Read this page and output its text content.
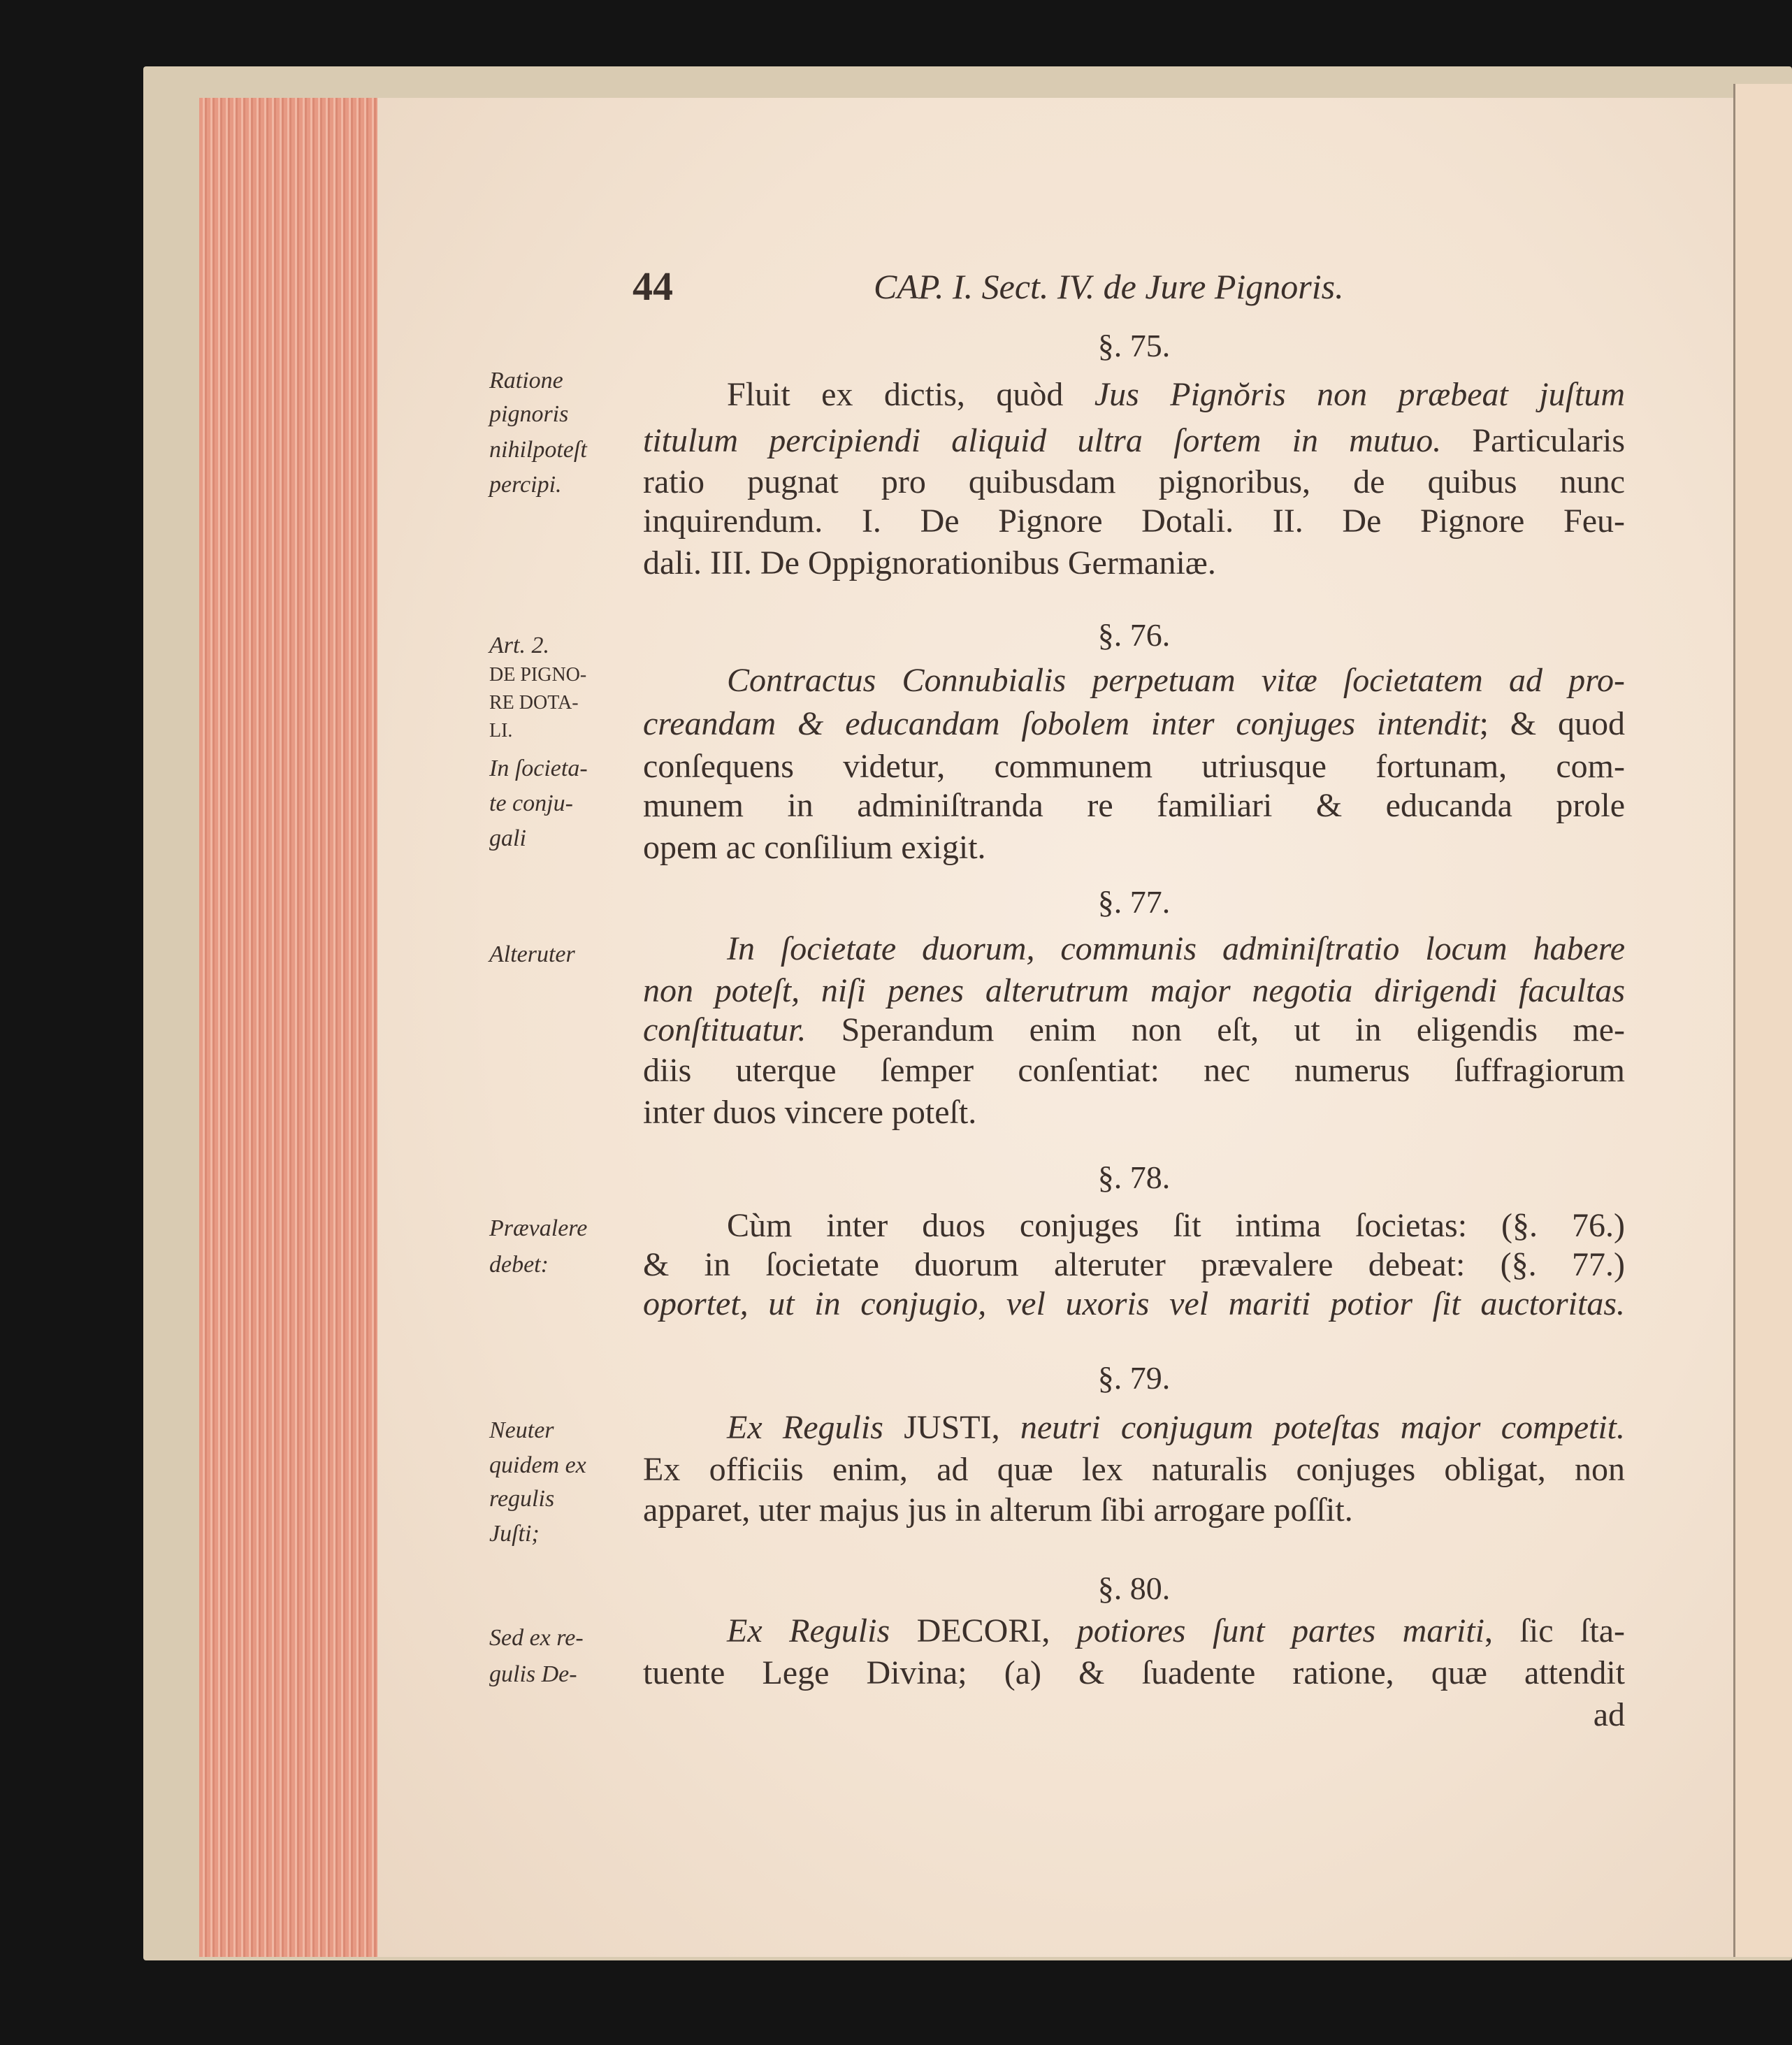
44	CAP. I. Sect. IV. de Jure Pignoris.
§. 75.
Fluit ex dictis, quòd Jus Pignŏris non præbeat juſtum
titulum percipiendi aliquid ultra ſortem in mutuo. Particularis
ratio pugnat pro quibusdam pignoribus, de quibus nunc
inquirendum. I. De Pignore Dotali. II. De Pignore Feu-
dali. III. De Oppignorationibus Germaniæ.
§. 76.
Contractus Connubialis perpetuam vitæ ſocietatem ad pro-
creandam & educandam ſobolem inter conjuges intendit; & quod
conſequens videtur, communem utriusque fortunam, com-
munem in adminiſtranda re familiari & educanda prole
opem ac conſilium exigit.
§. 77.
In ſocietate duorum, communis adminiſtratio locum habere
non poteſt, niſi penes alterutrum major negotia dirigendi facultas
conſtituatur. Sperandum enim non eſt, ut in eligendis me-
diis uterque ſemper conſentiat: nec numerus ſuffragiorum
inter duos vincere poteſt.
§. 78.
Cùm inter duos conjuges ſit intima ſocietas: (§. 76.)
& in ſocietate duorum alteruter prævalere debeat: (§. 77.)
oportet, ut in conjugio, vel uxoris vel mariti potior ſit auctoritas.
§. 79.
Ex Regulis JUSTI, neutri conjugum poteſtas major competit.
Ex officiis enim, ad quæ lex naturalis conjuges obligat, non
apparet, uter majus jus in alterum ſibi arrogare poſſit.
§. 80.
Ex Regulis DECORI, potiores ſunt partes mariti, ſic ſta-
tuente Lege Divina; (a) & ſuadente ratione, quæ attendit
ad
Ratione
pignoris
nihilpoteſt
percipi.
Art. 2.
DE PIGNO-
RE DOTA-
LI.
In ſocieta-
te conju-
gali
Alteruter
Prævalere
debet:
Neuter
quidem ex
regulis
Juſti;
Sed ex re-
gulis De-
